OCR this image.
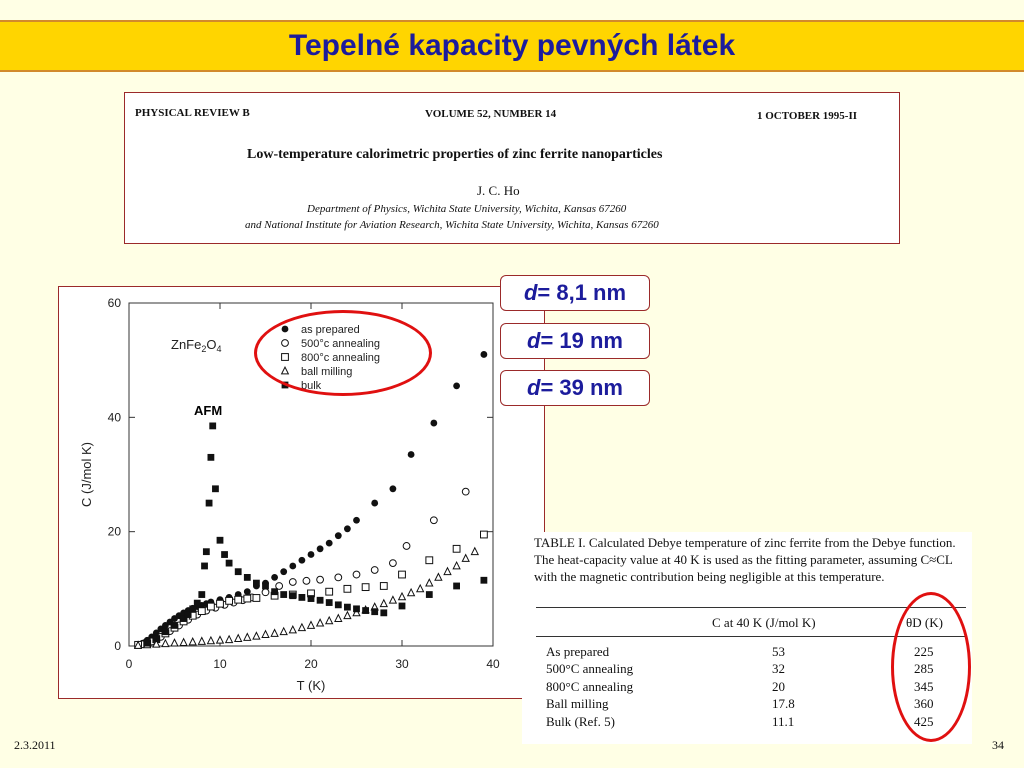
Tepelné kapacity pevných látek
PHYSICAL REVIEW B	VOLUME 52, NUMBER 14	1 OCTOBER 1995-II
Low-temperature calorimetric properties of zinc ferrite nanoparticles
J. C. Ho
Department of Physics, Wichita State University, Wichita, Kansas 67260
and National Institute for Aviation Research, Wichita State University, Wichita, Kansas 67260
0	10	20	30	40
0
20
40
60
T (K)
C (J/mol K)
$ZnFe_2O_4$
as prepared
500°c annealing
800°c annealing
ball milling
bulk
AFM
d = 8,1 nm
d = 19 nm
d = 39 nm
TABLE I. Calculated Debye temperature of zinc ferrite from the Debye function. The heat-capacity value at 40 K is used as the fitting parameter, assuming C≈CL with the magnetic contribution being negligible at this temperature.
C at 40 K (J/mol K)	θD (K)
As prepared	53	225
500°C annealing	32	285
800°C annealing	20	345
Ball milling	17.8	360
Bulk (Ref. 5)	11.1	425
2.3.2011	34
